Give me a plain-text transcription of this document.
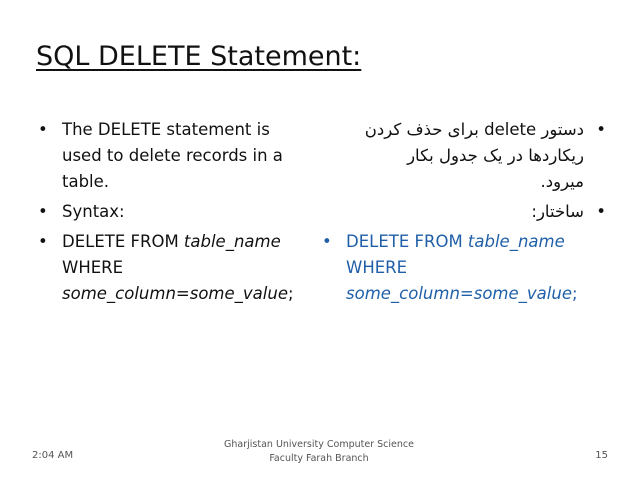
SQL DELETE Statement:
• The DELETE statement is
used to delete records in a
table.
• Syntax:
• DELETE FROM table_name
WHERE
some_column=some_value;
•
دستور delete برای حذف کردن
ریکاردها در یک جدول بکار
میرود.
•
ساختار:
• DELETE FROM table_name
WHERE
some_column=some_value;
2:04 AM
Gharjistan University Computer Science
Faculty Farah Branch	15
